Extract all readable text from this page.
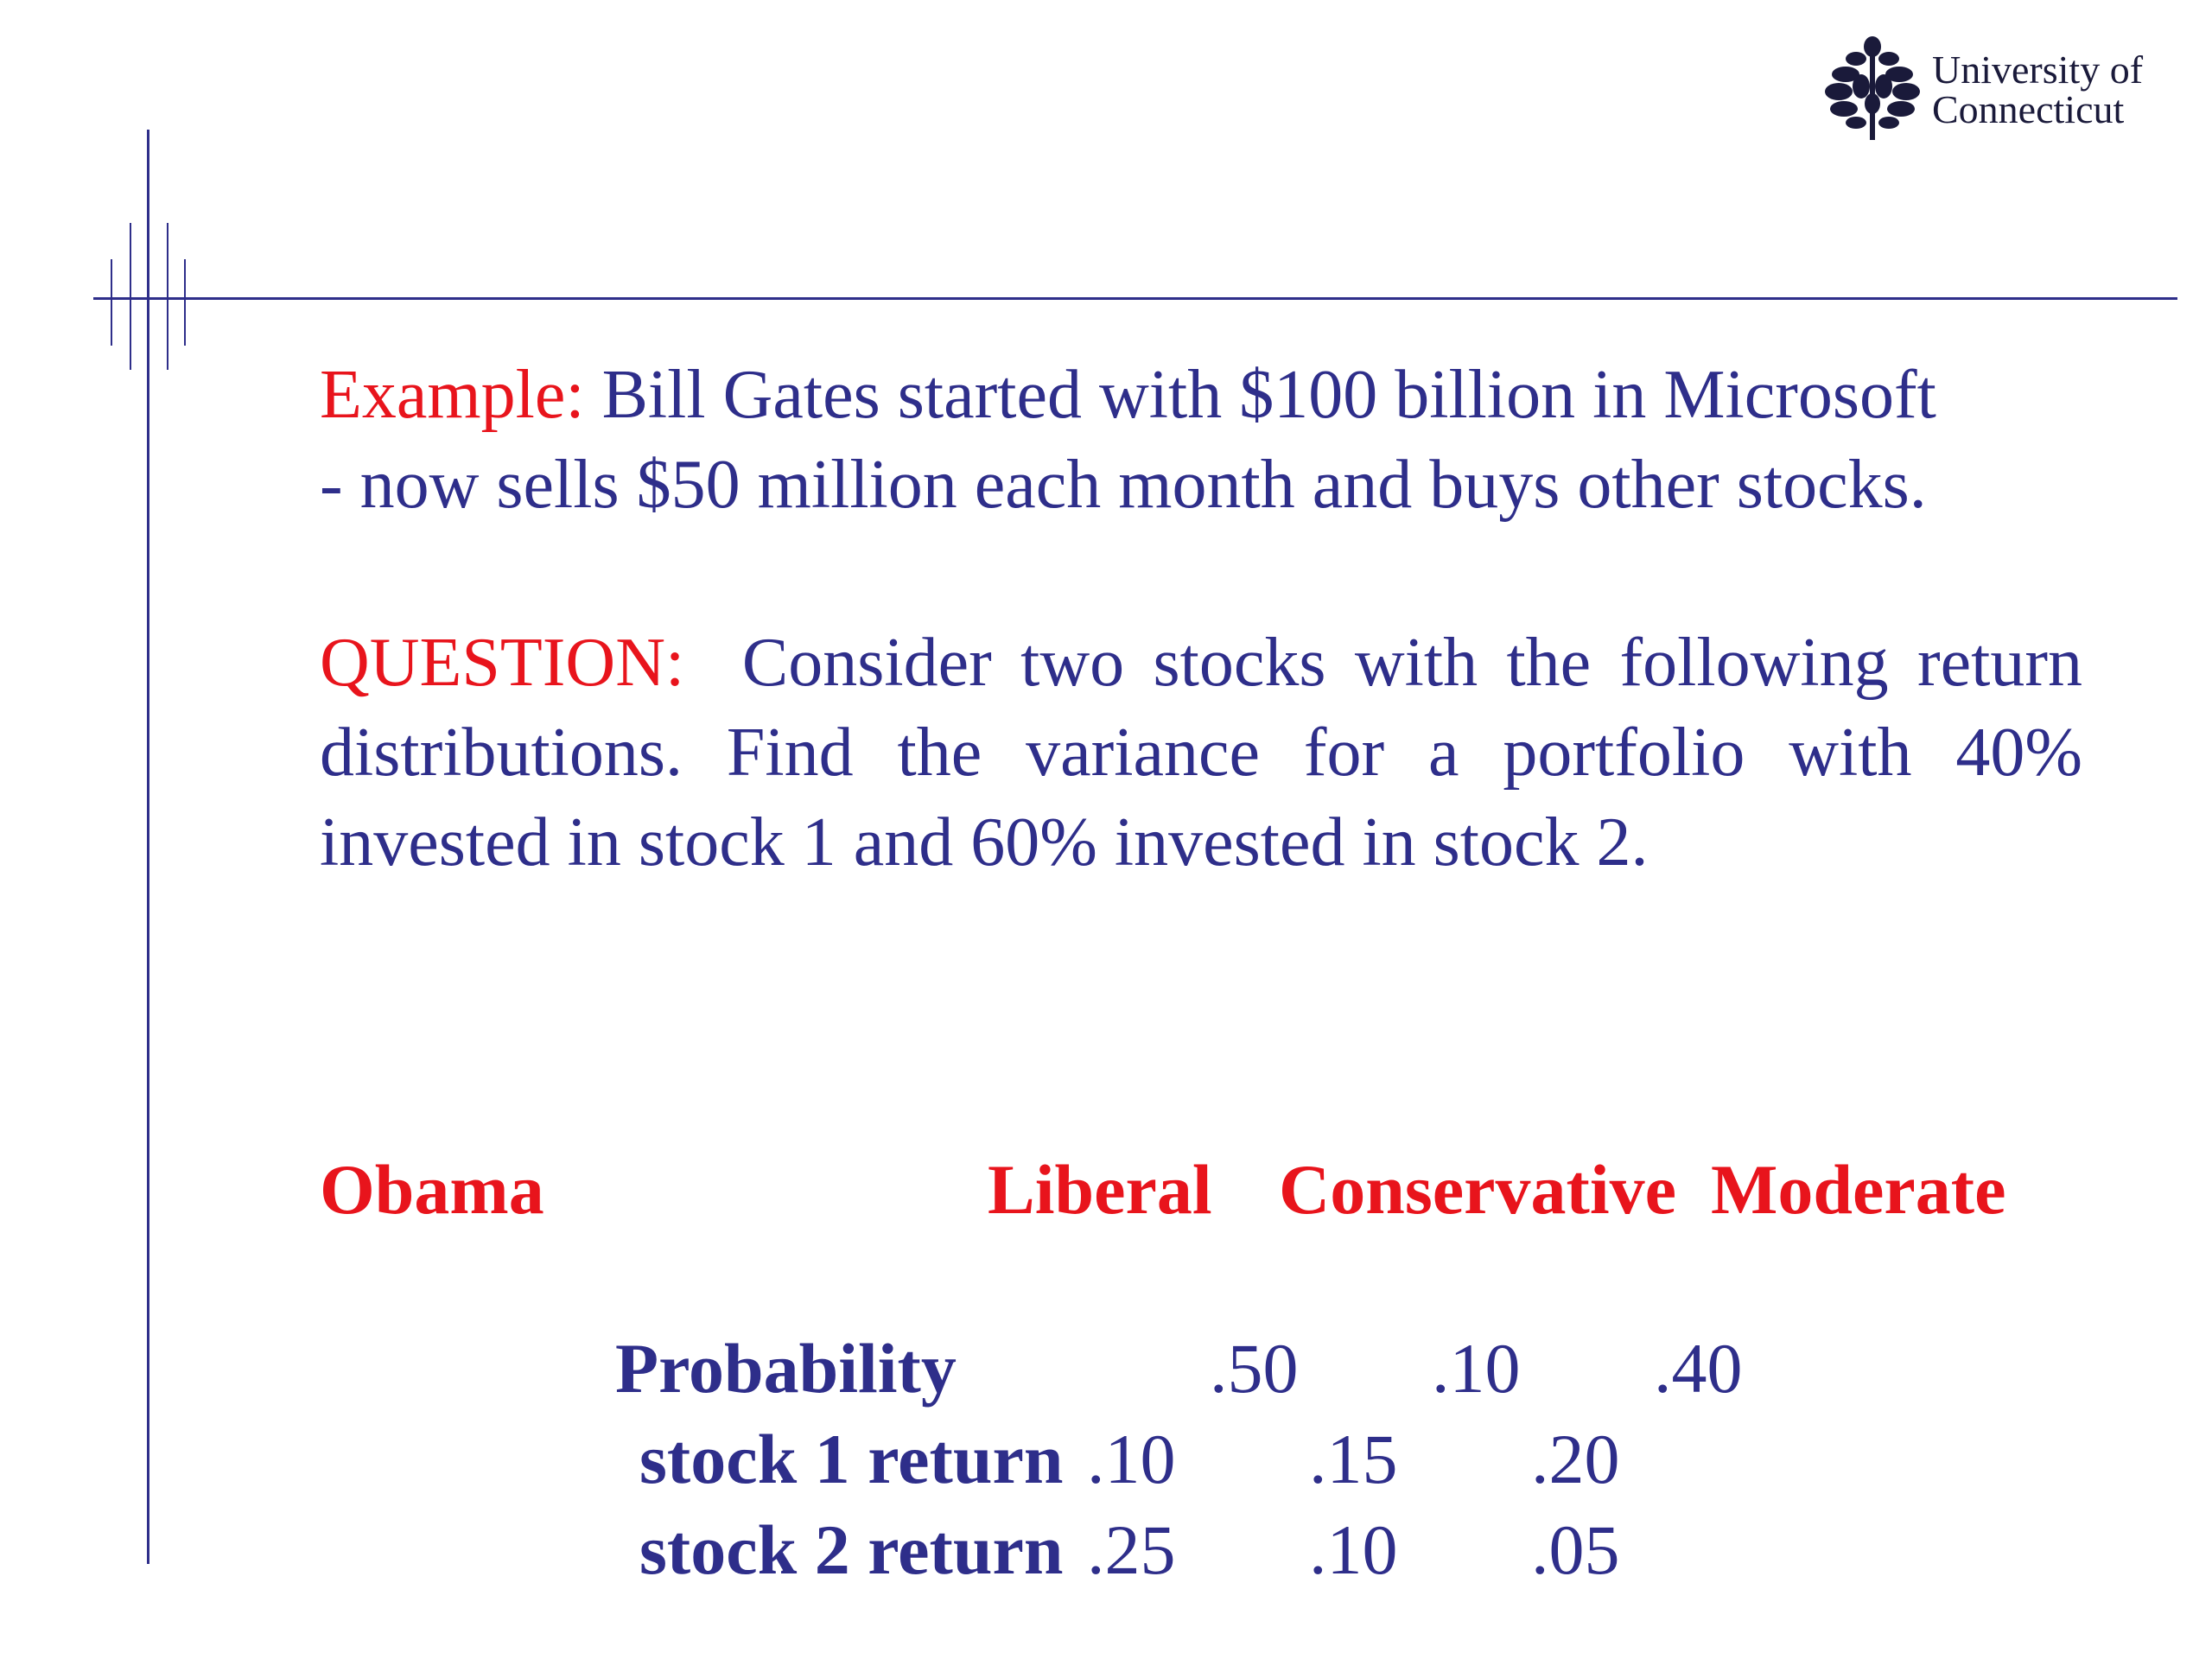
University of
Connecticut
Example: Bill Gates started with $100 billion in Microsoft
- now sells $50 million each month and buys other stocks.
QUESTION: Consider two stocks with the following return distributions. Find the variance for a portfolio with 40% invested in stock 1 and 60% invested in stock 2.
Obama	Liberal Conservative Moderate
Probability	.50 .10 .40
stock 1 return .10 .15 .20
stock 2 return .25 .10 .05
